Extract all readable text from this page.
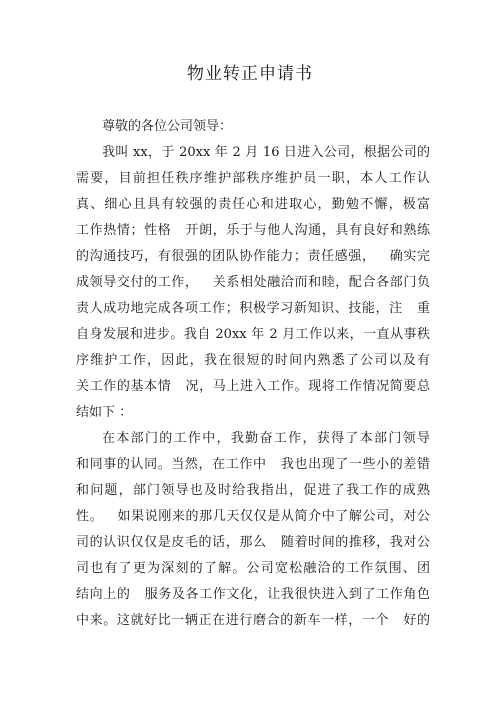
物业转正申请书
尊敬的各位公司领导：
我叫 xx，于 20xx 年 2 月 16 日进入公司，根据公司的
需要，目前担任秩序维护部秩序维护员一职，本人工作认
真、细心且具有较强的责任心和进取心，勤勉不懈，极富
工作热情；性格   开朗，乐于与他人沟通，具有良好和熟练
的沟通技巧，有很强的团队协作能力；责任感强，   确实完
成领导交付的工作，   关系相处融洽而和睦，配合各部门负
责人成功地完成各项工作；积极学习新知识、技能，注   重
自身发展和进步。我自 20xx 年 2 月工作以来，一直从事秩
序维护工作，因此，我在很短的时间内熟悉了公司以及有
关工作的基本情   况，马上进入工作。现将工作情况简要总
结如下 ：
在本部门的工作中，我勤奋工作，获得了本部门领导
和同事的认同。当然，在工作中   我也出现了一些小的差错
和问题，部门领导也及时给我指出，促进了我工作的成熟
性。   如果说刚来的那几天仅仅是从简介中了解公司，对公
司的认识仅仅是皮毛的话，那么   随着时间的推移，我对公
司也有了更为深刻的了解。公司宽松融洽的工作氛围、团
结向上的   服务及各工作文化，让我很快进入到了工作角色
中来。这就好比一辆正在进行磨合的新车一样，一个   好的
